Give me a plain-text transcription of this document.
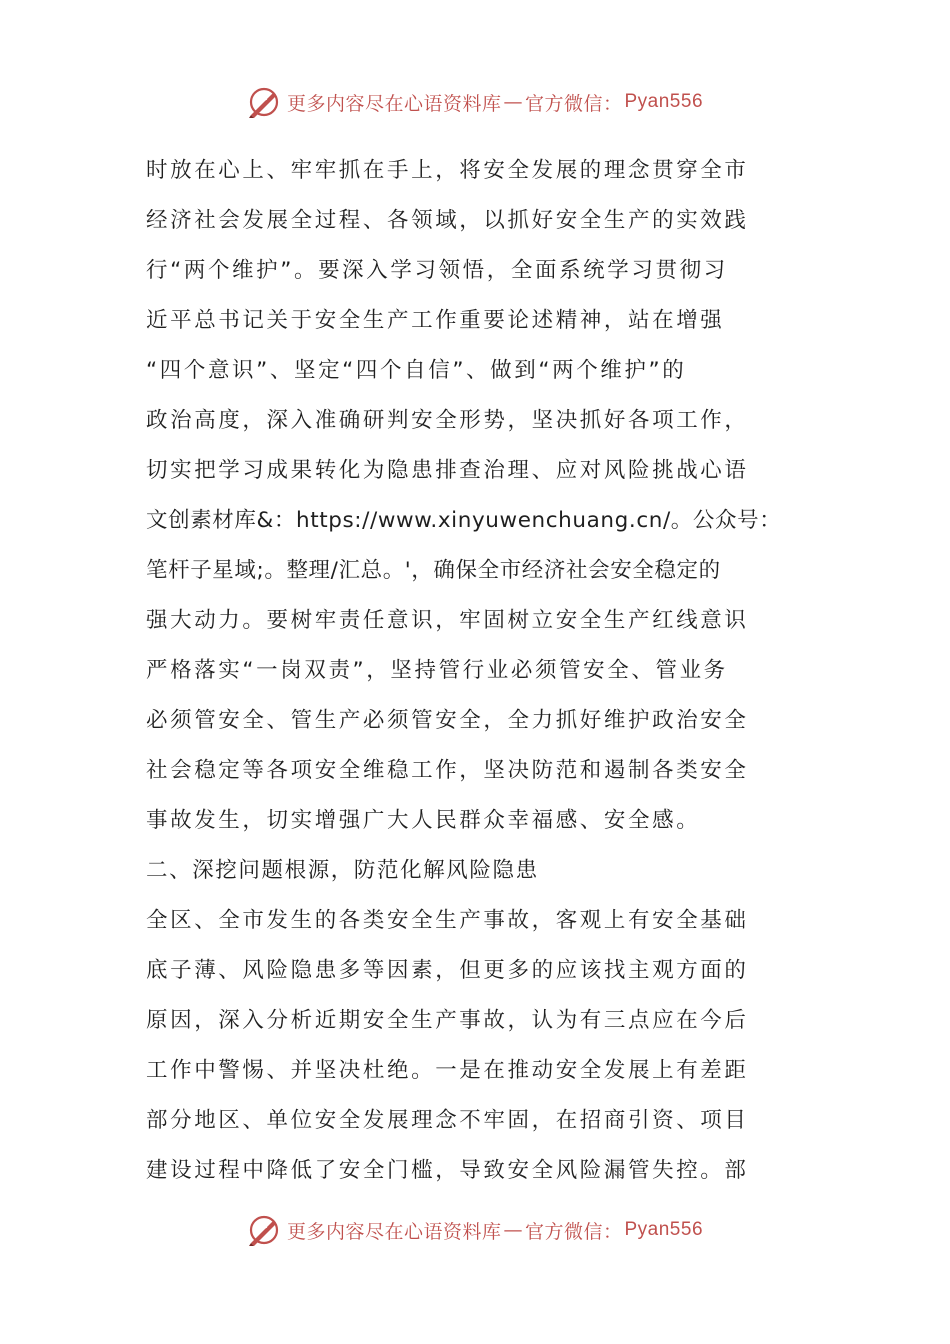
更多内容尽在心语资料库 — 官方微信： Pyan556
时放在心上、牢牢抓在手上，将安全发展的理念贯穿全市
经济社会发展全过程、各领域，以抓好安全生产的实效践
行“两个维护”。要深入学习领悟，全面系统学习贯彻习
近平总书记关于安全生产工作重要论述精神，站在增强
“四个意识”、坚定“四个自信”、做到“两个维护”的
政治高度，深入准确研判安全形势，坚决抓好各项工作，
切实把学习成果转化为隐患排查治理、应对风险挑战心语
文创素材库&：https://www.xinyuwenchuang.cn/。公众号：
笔杆子星域;。整理/汇总。'，确保全市经济社会安全稳定的
强大动力。要树牢责任意识，牢固树立安全生产红线意识
严格落实“一岗双责”，坚持管行业必须管安全、管业务
必须管安全、管生产必须管安全，全力抓好维护政治安全
社会稳定等各项安全维稳工作，坚决防范和遏制各类安全
事故发生，切实增强广大人民群众幸福感、安全感。
二、深挖问题根源，防范化解风险隐患
全区、全市发生的各类安全生产事故，客观上有安全基础
底子薄、风险隐患多等因素，但更多的应该找主观方面的
原因，深入分析近期安全生产事故，认为有三点应在今后
工作中警惕、并坚决杜绝。一是在推动安全发展上有差距
部分地区、单位安全发展理念不牢固，在招商引资、项目
建设过程中降低了安全门槛，导致安全风险漏管失控。部
更多内容尽在心语资料库 — 官方微信： Pyan556
